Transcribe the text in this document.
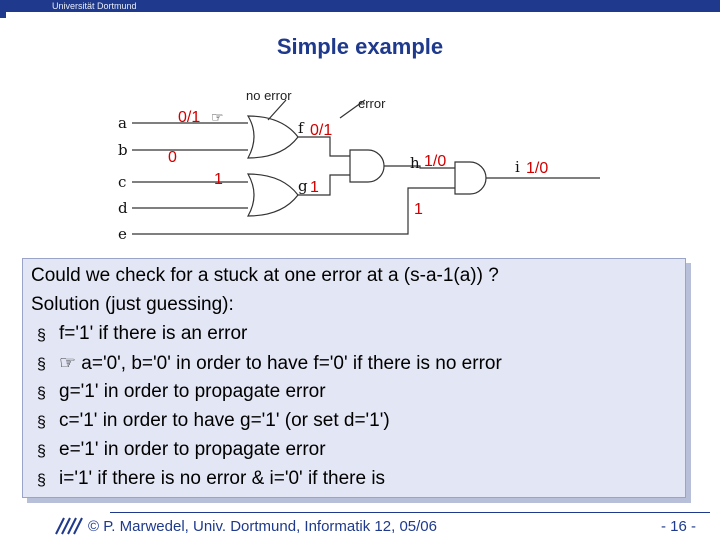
Universität Dortmund
Simple example
a
b
c
d
e
f
g
h	i
no error
error
0/1
0
1
0/1
1
1/0
1
1/0
☞
Could we check for a stuck at one error at a (s-a-1(a)) ?
Solution (just guessing):
§ f='1' if there is an error
§ ☞ a='0', b='0' in order to have f='0' if there is no error
§ g='1' in order to propagate error
§ c='1' in order to have g='1' (or set d='1')
§ e='1' in order to propagate error
§ i='1' if there is no error & i='0' if there is
© P. Marwedel, Univ. Dortmund, Informatik 12, 05/06	- 16 -
